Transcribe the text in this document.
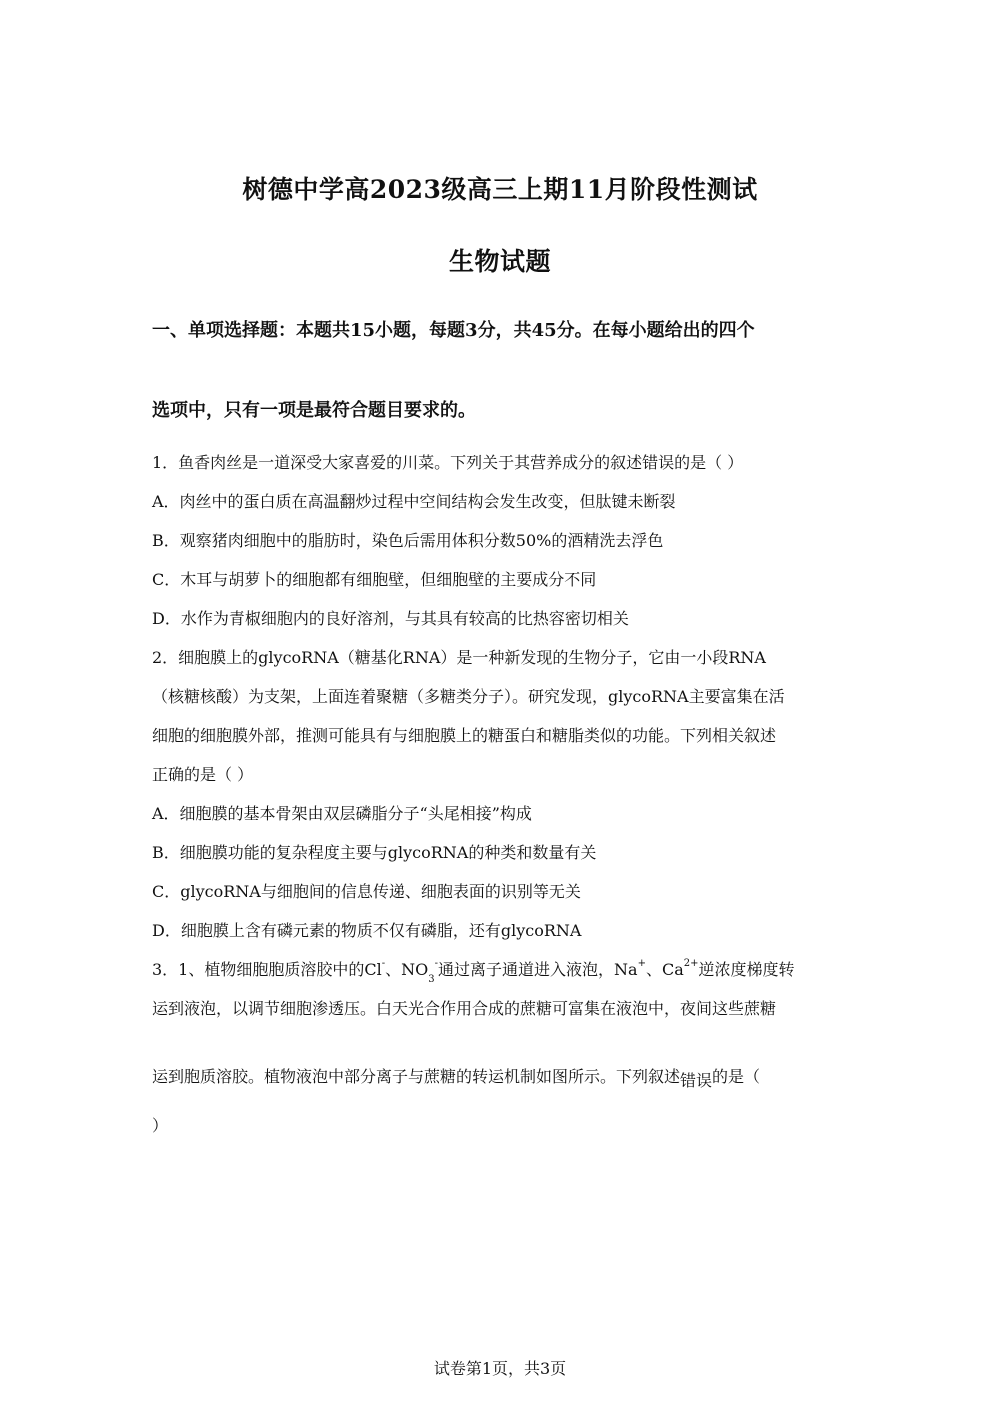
树德中学高2023级高三上期11月阶段性测试
生物试题
一、单项选择题：本题共15小题，每题3分，共45分。在每小题给出的四个
选项中，只有一项是最符合题目要求的。
1．鱼香肉丝是一道深受大家喜爱的川菜。下列关于其营养成分的叙述错误的是（ ）
A．肉丝中的蛋白质在高温翻炒过程中空间结构会发生改变，但肽键未断裂
B．观察猪肉细胞中的脂肪时，染色后需用体积分数50%的酒精洗去浮色
C．木耳与胡萝卜的细胞都有细胞壁，但细胞壁的主要成分不同
D．水作为青椒细胞内的良好溶剂，与其具有较高的比热容密切相关
2．细胞膜上的glycoRNA（糖基化RNA）是一种新发现的生物分子，它由一小段RNA
（核糖核酸）为支架，上面连着聚糖（多糖类分子）。研究发现，glycoRNA主要富集在活
细胞的细胞膜外部，推测可能具有与细胞膜上的糖蛋白和糖脂类似的功能。下列相关叙述
正确的是（ ）
A．细胞膜的基本骨架由双层磷脂分子“头尾相接”构成
B．细胞膜功能的复杂程度主要与glycoRNA的种类和数量有关
C．glycoRNA与细胞间的信息传递、细胞表面的识别等无关
D．细胞膜上含有磷元素的物质不仅有磷脂，还有glycoRNA
3．1、植物细胞胞质溶胶中的Cl-、$NO_3^-$通过离子通道进入液泡，Na+、$Ca^{2+}$逆浓度梯度转
运到液泡，以调节细胞渗透压。白天光合作用合成的蔗糖可富集在液泡中，夜间这些蔗糖
运到胞质溶胶。植物液泡中部分离子与蔗糖的转运机制如图所示。下列叙述错误的是（
）
试卷第1页，共3页
